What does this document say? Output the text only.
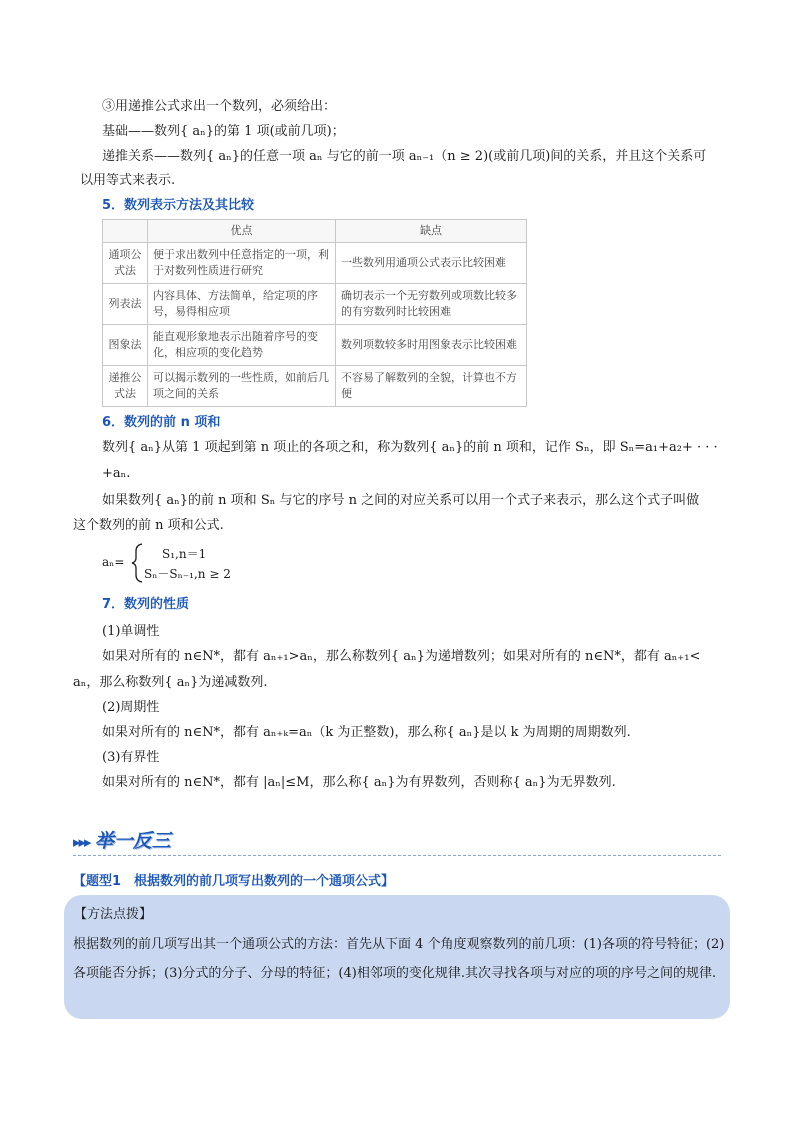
③用递推公式求出一个数列，必须给出：
基础——数列{ aₙ}的第 1 项(或前几项)；
递推关系——数列{ aₙ}的任意一项 aₙ 与它的前一项 aₙ₋₁（n ≥ 2)(或前几项)间的关系，并且这个关系可
以用等式来表示.
5．数列表示方法及其比较
	优点	缺点
通项公式法	便于求出数列中任意指定的一项，利于对数列性质进行研究	一些数列用通项公式表示比较困难
列表法	内容具体、方法简单，给定项的序号，易得相应项	确切表示一个无穷数列或项数比较多的有穷数列时比较困难
图象法	能直观形象地表示出随着序号的变化，相应项的变化趋势	数列项数较多时用图象表示比较困难
递推公式法	可以揭示数列的一些性质，如前后几项之间的关系	不容易了解数列的全貌，计算也不方便
6．数列的前 n 项和
数列{ aₙ}从第 1 项起到第 n 项止的各项之和，称为数列{ aₙ}的前 n 项和，记作 Sₙ，即 Sₙ=a₁+a₂+ · · ·
+aₙ.
如果数列{ aₙ}的前 n 项和 Sₙ 与它的序号 n 之间的对应关系可以用一个式子来表示，那么这个式子叫做
这个数列的前 n 项和公式.
aₙ=
S₁,n＝1
Sₙ－Sₙ₋₁,n ≥ 2
7．数列的性质
(1)单调性
如果对所有的 n∈N*，都有 aₙ₊₁>aₙ，那么称数列{ aₙ}为递增数列；如果对所有的 n∈N*，都有 aₙ₊₁<
aₙ，那么称数列{ aₙ}为递减数列.
(2)周期性
如果对所有的 n∈N*，都有 aₙ₊ₖ=aₙ（k 为正整数)，那么称{ aₙ}是以 k 为周期的周期数列.
(3)有界性
如果对所有的 n∈N*，都有 |aₙ|≤M，那么称{ aₙ}为有界数列，否则称{ aₙ}为无界数列.
▸▸▸ 举一反三
【题型1　根据数列的前几项写出数列的一个通项公式】
【方法点拨】
根据数列的前几项写出其一个通项公式的方法：首先从下面 4 个角度观察数列的前几项：(1)各项的符号特征；(2)各项能否分拆；(3)分式的分子、分母的特征；(4)相邻项的变化规律.其次寻找各项与对应的项的序号之间的规律.
